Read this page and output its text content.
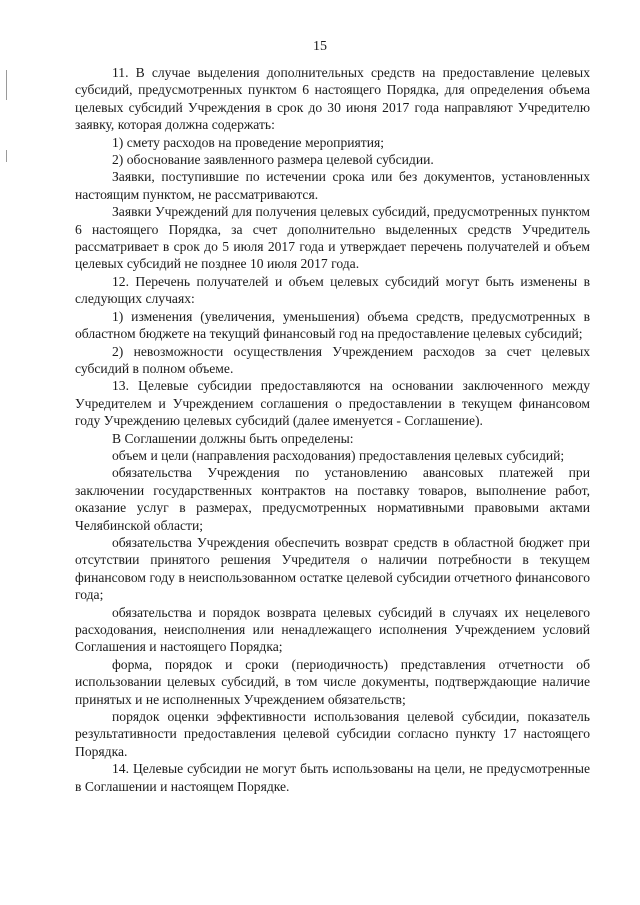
15

11. В случае выделения дополнительных средств на предоставление целевых субсидий, предусмотренных пунктом 6 настоящего Порядка, для определения объема целевых субсидий Учреждения в срок до 30 июня 2017 года направляют Учредителю заявку, которая должна содержать:

1) смету расходов на проведение мероприятия;

2) обоснование заявленного размера целевой субсидии.

Заявки, поступившие по истечении срока или без документов, установленных настоящим пунктом, не рассматриваются.

Заявки Учреждений для получения целевых субсидий, предусмотренных пунктом 6 настоящего Порядка, за счет дополнительно выделенных средств Учредитель рассматривает в срок до 5 июля 2017 года и утверждает перечень получателей и объем целевых субсидий не позднее 10 июля 2017 года.

12. Перечень получателей и объем целевых субсидий могут быть изменены в следующих случаях:

1) изменения (увеличения, уменьшения) объема средств, предусмотренных в областном бюджете на текущий финансовый год на предоставление целевых субсидий;

2) невозможности осуществления Учреждением расходов за счет целевых субсидий в полном объеме.

13. Целевые субсидии предоставляются на основании заключенного между Учредителем и Учреждением соглашения о предоставлении в текущем финансовом году Учреждению целевых субсидий (далее именуется - Соглашение).

В Соглашении должны быть определены:

объем и цели (направления расходования) предоставления целевых субсидий;

обязательства Учреждения по установлению авансовых платежей при заключении государственных контрактов на поставку товаров, выполнение работ, оказание услуг в размерах, предусмотренных нормативными правовыми актами Челябинской области;

обязательства Учреждения обеспечить возврат средств в областной бюджет при отсутствии принятого решения Учредителя о наличии потребности в текущем финансовом году в неиспользованном остатке целевой субсидии отчетного финансового года;

обязательства и порядок возврата целевых субсидий в случаях их нецелевого расходования, неисполнения или ненадлежащего исполнения Учреждением условий Соглашения и настоящего Порядка;

форма, порядок и сроки (периодичность) представления отчетности об использовании целевых субсидий, в том числе документы, подтверждающие наличие принятых и не исполненных Учреждением обязательств;

порядок оценки эффективности использования целевой субсидии, показатель результативности предоставления целевой субсидии согласно пункту 17 настоящего Порядка.

14. Целевые субсидии не могут быть использованы на цели, не предусмотренные в Соглашении и настоящем Порядке.
